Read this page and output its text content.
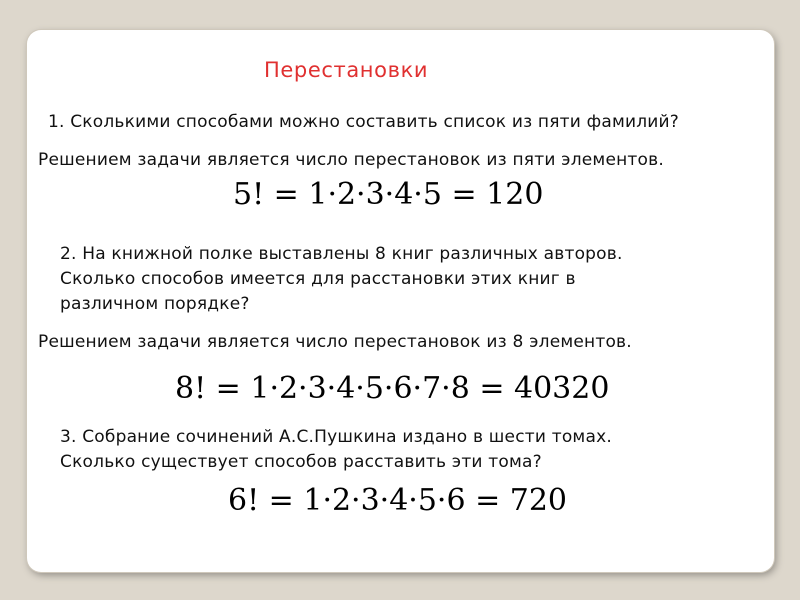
Перестановки
1. Сколькими способами можно составить список из пяти фамилий?
Решением задачи является число перестановок из пяти элементов.
5! = 1·2·3·4·5 = 120
2. На книжной полке выставлены 8 книг различных авторов.
Сколько способов имеется для расстановки этих книг в
различном порядке?
Решением задачи является число перестановок из 8 элементов.
8! = 1·2·3·4·5·6·7·8 = 40320
3. Собрание сочинений А.С.Пушкина издано в шести томах.
Сколько существует способов расставить эти тома?
6! = 1·2·3·4·5·6 = 720
